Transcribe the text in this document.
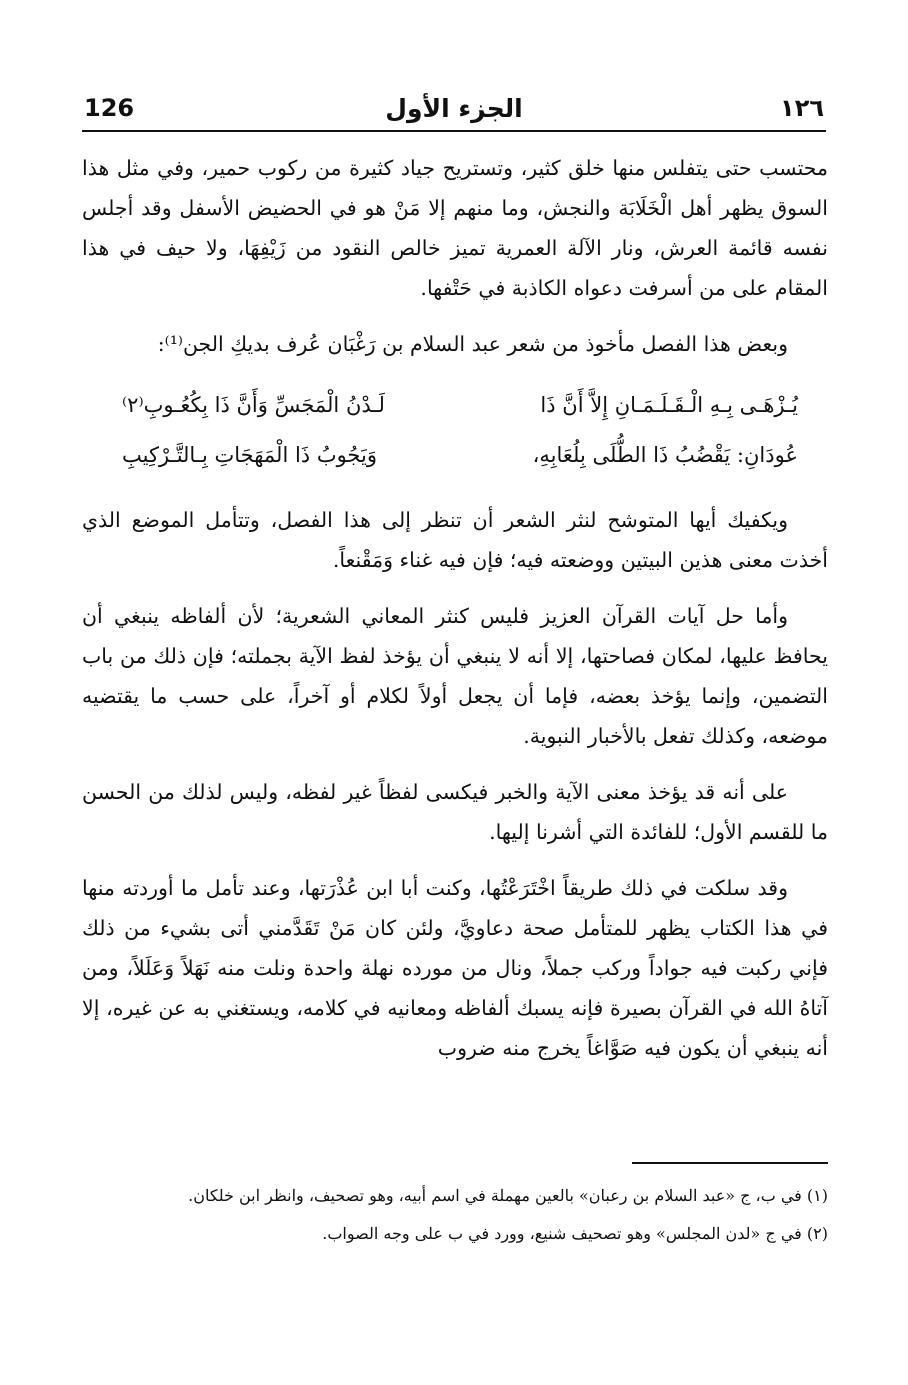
126	الجزء الأول	١٢٦

محتسب حتى يتفلس منها خلق كثير، وتستريح جياد كثيرة من ركوب حمير، وفي مثل هذا السوق يظهر أهل الْخَلَابَة والنجش، وما منهم إلا مَنْ هو في الحضيض الأسفل وقد أجلس نفسه قائمة العرش، ونار الآلة العمرية تميز خالص النقود من زَيْفِهَا، ولا حيف في هذا المقام على من أسرفت دعواه الكاذبة في حَتْفها.

وبعض هذا الفصل مأخوذ من شعر عبد السلام بن رَغْبَان عُرف بديكِ الجن⁽¹⁾:

يُـزْهَـى بِـهِ الْـقَـلَـمَـانِ إِلاَّ أَنَّ ذَا
لَـدْنُ الْمَجَسِّ وَأَنَّ ذَا بِكُعُـوبِ⁽٢⁾
عُودَانِ: يَقْضُبُ ذَا الطُّلَى بِلُعَابِهِ،
وَيَجُوبُ ذَا الْمَهَجَاتِ بِـالتَّـرْكِيبِ

ويكفيك أيها المتوشح لنثر الشعر أن تنظر إلى هذا الفصل، وتتأمل الموضع الذي أخذت معنى هذين البيتين ووضعته فيه؛ فإن فيه غناء وَمَقْنعاً.

وأما حل آيات القرآن العزيز فليس كنثر المعاني الشعرية؛ لأن ألفاظه ينبغي أن يحافظ عليها، لمكان فصاحتها، إلا أنه لا ينبغي أن يؤخذ لفظ الآية بجملته؛ فإن ذلك من باب التضمين، وإنما يؤخذ بعضه، فإما أن يجعل أولاً لكلام أو آخراً، على حسب ما يقتضيه موضعه، وكذلك تفعل بالأخبار النبوية.

على أنه قد يؤخذ معنى الآية والخبر فيكسى لفظاً غير لفظه، وليس لذلك من الحسن ما للقسم الأول؛ للفائدة التي أشرنا إليها.

وقد سلكت في ذلك طريقاً اخْتَرَعْتُها، وكنت أبا ابن عُذْرَتها، وعند تأمل ما أوردته منها في هذا الكتاب يظهر للمتأمل صحة دعاويَّ، ولئن كان مَنْ تَقَدَّمني أتى بشيء من ذلك فإني ركبت فيه جواداً وركب جملاً، ونال من مورده نهلة واحدة ونلت منه نَهَلاً وَعَلَلاً، ومن آتاهُ الله في القرآن بصيرة فإنه يسبك ألفاظه ومعانيه في كلامه، ويستغني به عن غيره، إلا أنه ينبغي أن يكون فيه صَوَّاغاً يخرج منه ضروب

(١) في ب، ج «عبد السلام بن رعبان» بالعين مهملة في اسم أبيه، وهو تصحيف، وانظر ابن خلكان.

(٢) في ج «لدن المجلس» وهو تصحيف شنيع، وورد في ب على وجه الصواب.
